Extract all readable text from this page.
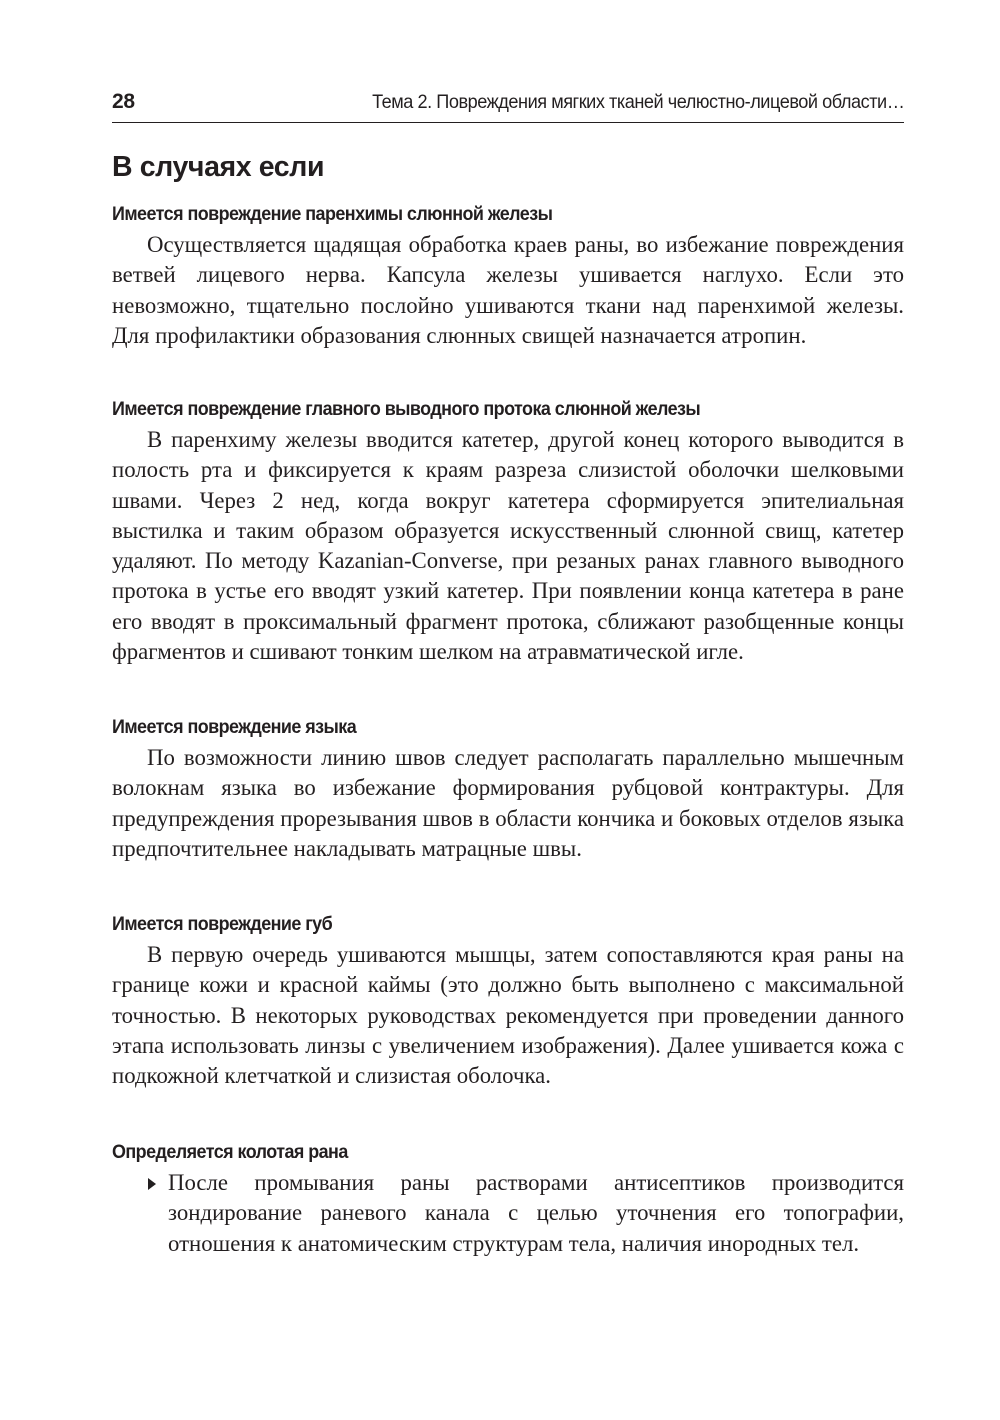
28	Тема 2. Повреждения мягких тканей челюстно-лицевой области…
В случаях если
Имеется повреждение паренхимы слюнной железы

Осуществляется щадящая обработка краев раны, во избежание повреждения ветвей лицевого нерва. Капсула железы ушивается наглухо. Если это невозможно, тщательно послойно ушиваются ткани над паренхимой железы. Для профилактики образования слюнных свищей назначается атропин.

Имеется повреждение главного выводного протока слюнной железы

В паренхиму железы вводится катетер, другой конец которого выводится в полость рта и фиксируется к краям разреза слизистой оболочки шелковыми швами. Через 2 нед, когда вокруг катетера сформируется эпителиальная выстилка и таким образом образуется искусственный слюнной свищ, катетер удаляют. По методу Kazanian-Converse, при резаных ранах главного выводного протока в устье его вводят узкий катетер. При появлении конца катетера в ране его вводят в проксимальный фрагмент протока, сближают разобщенные концы фрагментов и сшивают тонким шелком на атравматической игле.

Имеется повреждение языка

По возможности линию швов следует располагать параллельно мышечным волокнам языка во избежание формирования рубцовой контрактуры. Для предупреждения прорезывания швов в области кончика и боковых отделов языка предпочтительнее накладывать матрацные швы.

Имеется повреждение губ

В первую очередь ушиваются мышцы, затем сопоставляются края раны на границе кожи и красной каймы (это должно быть выполнено с максимальной точностью. В некоторых руководствах рекомендуется при проведении данного этапа использовать линзы с увеличением изображения). Далее ушивается кожа с подкожной клетчаткой и слизистая оболочка.

Определяется колотая рана

После промывания раны растворами антисептиков производится зондирование раневого канала с целью уточнения его топографии, отношения к анатомическим структурам тела, наличия инородных тел.
